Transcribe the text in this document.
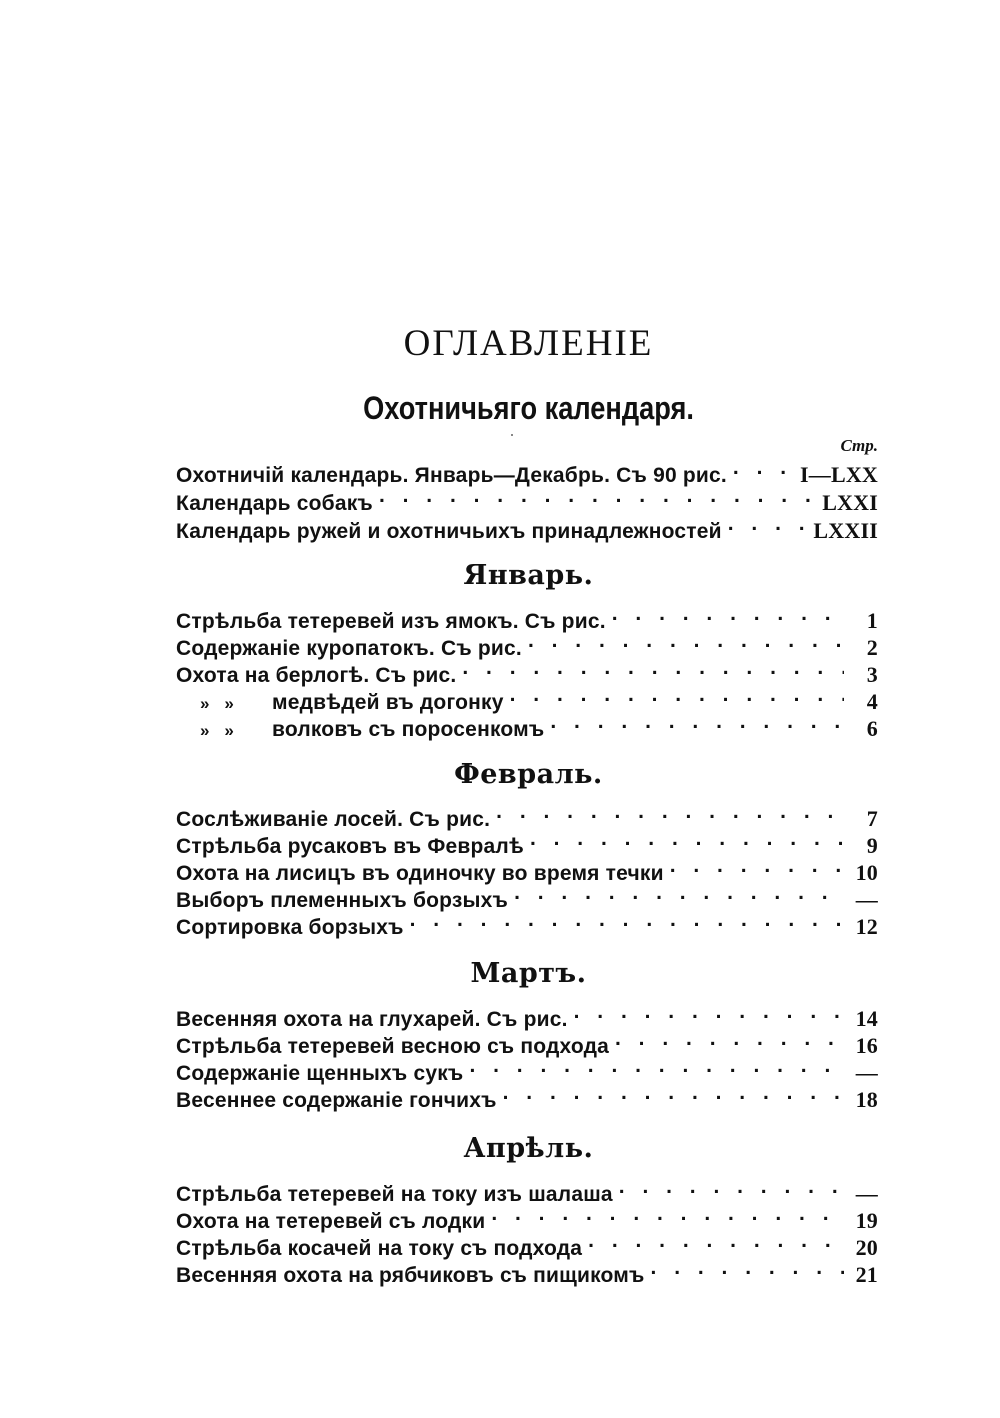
ОГЛАВЛЕНІЕ
Охотничьяго календаря.
Стр.
Охотничій календарь. Январь—Декабрь. Съ 90 рис. . . .	I—LXX
Календарь собакъ . . .	LXXI
Календарь ружей и охотничьихъ принадлежностей . . .	LXXII
Январь.
Стрѣльба тетеревей изъ ямокъ. Съ рис. . . .	1
Содержаніе куропатокъ. Съ рис. . . .	2
Охота на берлогѣ. Съ рис. . . .	3
»   »	медвѣдей въ догонку . . .	4
»   »	волковъ съ поросенкомъ . . .	6
Февраль.
Сослѣживаніе лосей. Съ рис. . . .	7
Стрѣльба русаковъ въ Февралѣ . . .	9
Охота на лисицъ въ одиночку во время течки . . .	10
Выборъ племенныхъ борзыхъ . . .	—
Сортировка борзыхъ . . .	12
Мартъ.
Весенняя охота на глухарей. Съ рис. . . .	14
Стрѣльба тетеревей весною съ подхода . . .	16
Содержаніе щенныхъ сукъ . . .	—
Весеннее содержаніе гончихъ . . .	18
Апрѣль.
Стрѣльба тетеревей на току изъ шалаша . . .	—
Охота на тетеревей съ лодки . . .	19
Стрѣльба косачей на току съ подхода . . .	20
Весенняя охота на рябчиковъ съ пищикомъ . . .	21
